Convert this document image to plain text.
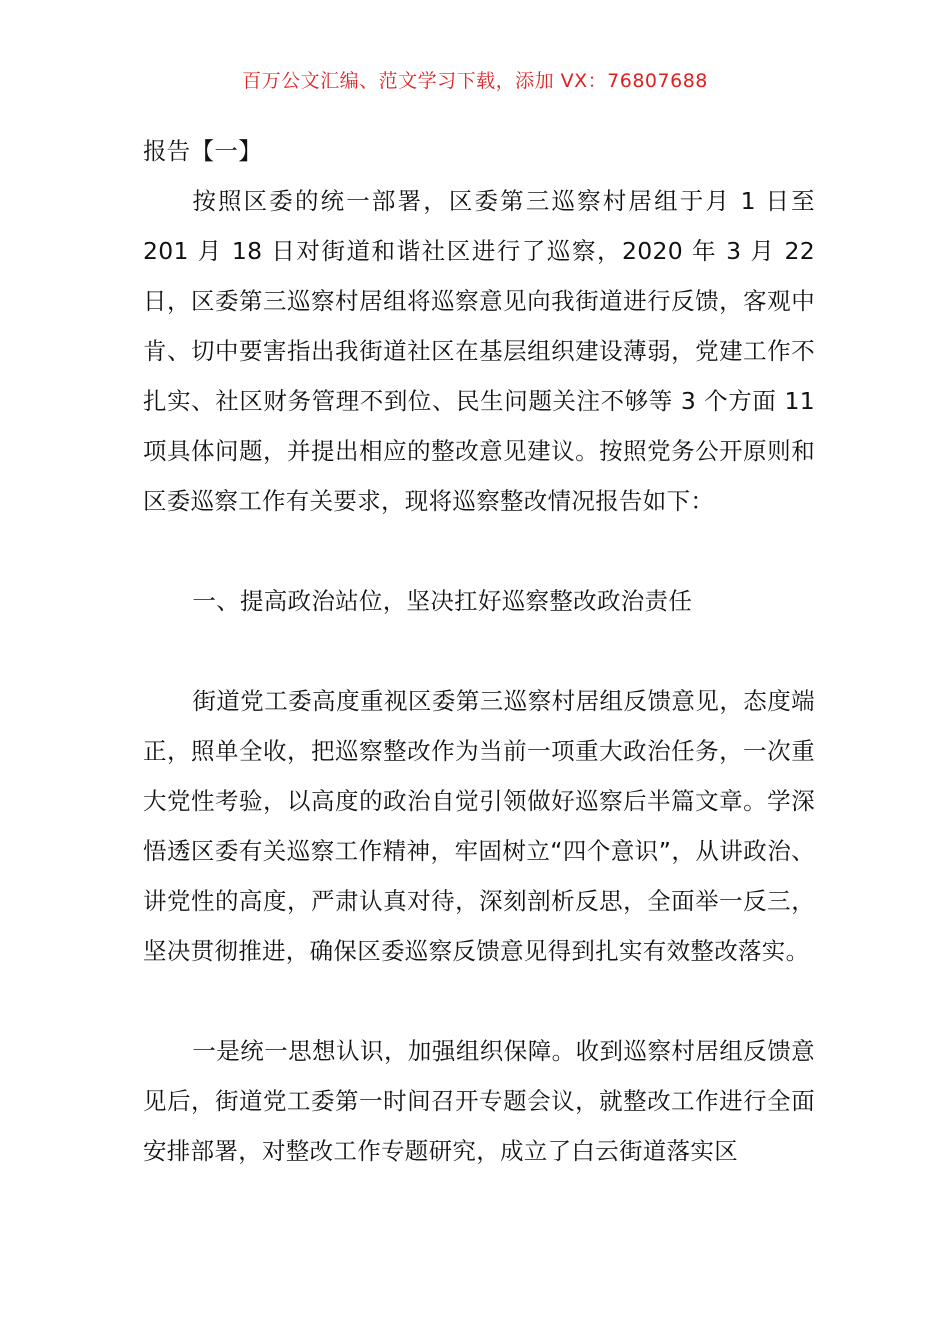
百万公文汇编、范文学习下载，添加 VX：76807688

报告【一】

按照区委的统一部署，区委第三巡察村居组于月 1 日至 201 月 18 日对街道和谐社区进行了巡察，2020 年 3 月 22 日，区委第三巡察村居组将巡察意见向我街道进行反馈，客观中肯、切中要害指出我街道社区在基层组织建设薄弱，党建工作不扎实、社区财务管理不到位、民生问题关注不够等 3 个方面 11 项具体问题，并提出相应的整改意见建议。按照党务公开原则和区委巡察工作有关要求，现将巡察整改情况报告如下：

一、提高政治站位，坚决扛好巡察整改政治责任

街道党工委高度重视区委第三巡察村居组反馈意见，态度端正，照单全收，把巡察整改作为当前一项重大政治任务，一次重大党性考验，以高度的政治自觉引领做好巡察后半篇文章。学深悟透区委有关巡察工作精神，牢固树立“四个意识”，从讲政治、讲党性的高度，严肃认真对待，深刻剖析反思，全面举一反三，坚决贯彻推进，确保区委巡察反馈意见得到扎实有效整改落实。

一是统一思想认识，加强组织保障。收到巡察村居组反馈意见后，街道党工委第一时间召开专题会议，就整改工作进行全面安排部署，对整改工作专题研究，成立了白云街道落实区
